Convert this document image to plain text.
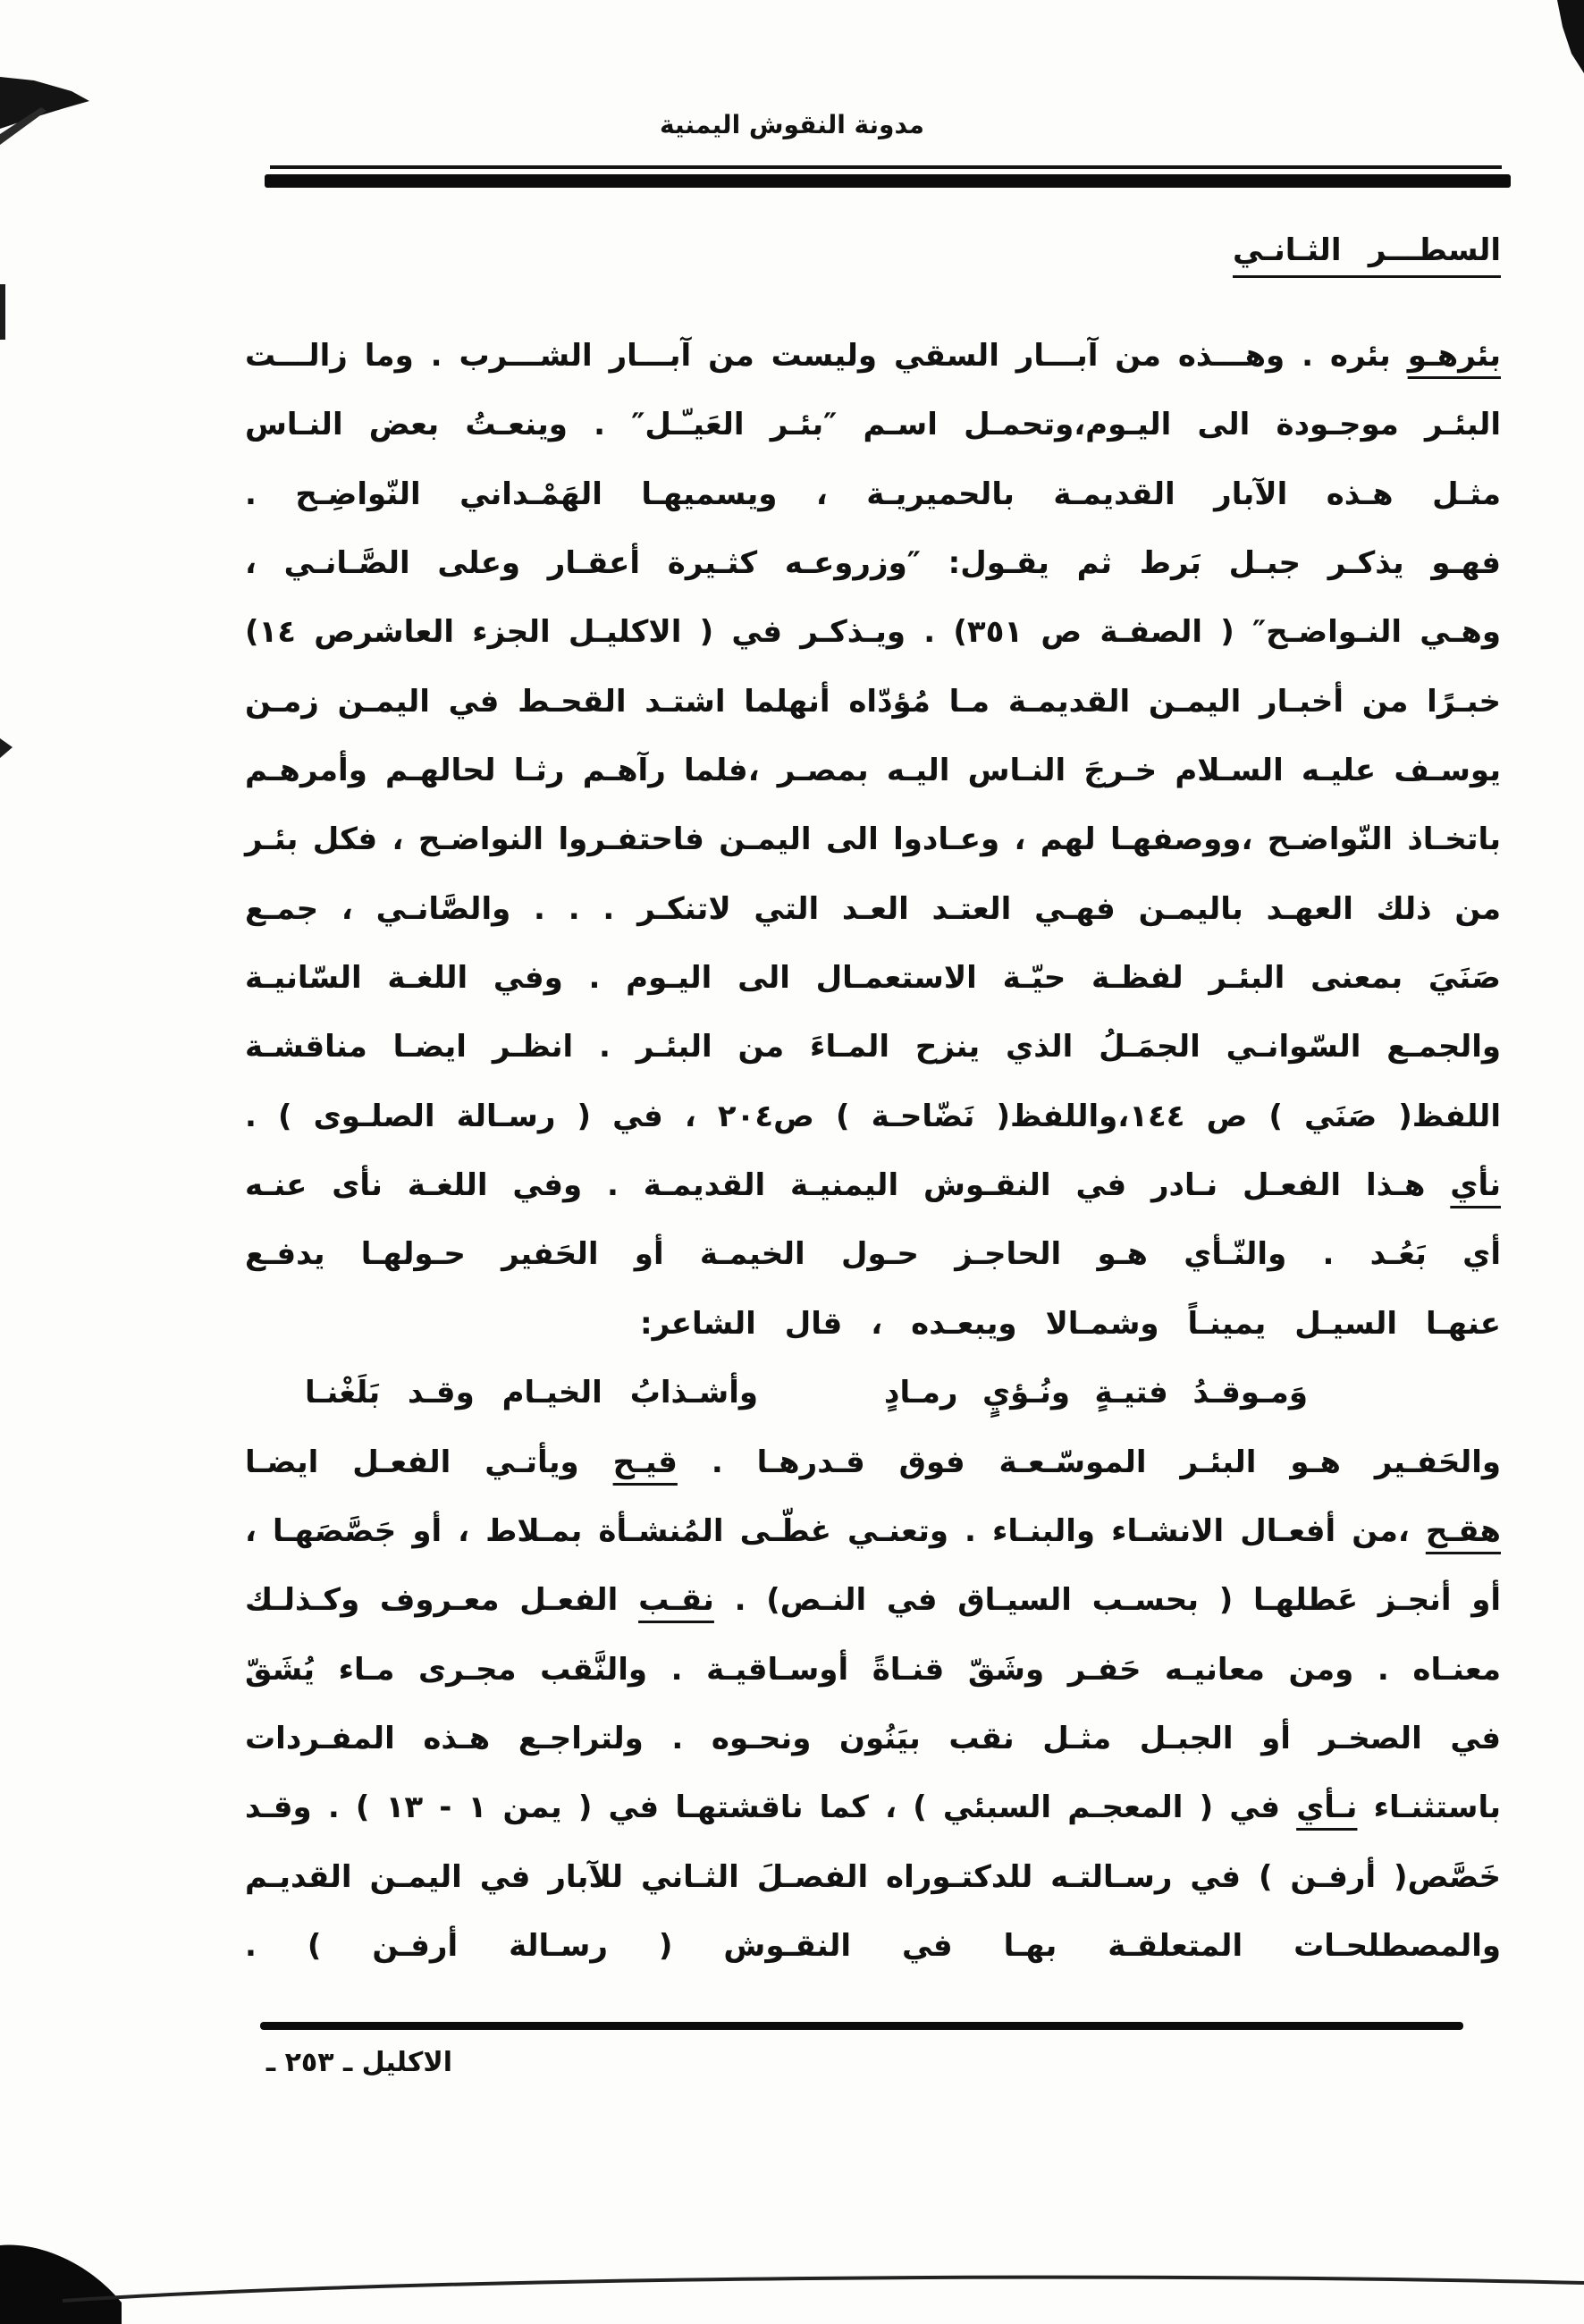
مدونة النقوش اليمنية
السطـــر الثـانـي
بئرهـو بئره . وهـــذه من آبـــار السقي وليست من آبـــار الشـــرب . وما زالـــت
البئـر موجـودة الى اليـوم،وتحمـل اسـم ″بئـر العَيـّـل″ . وينعـتُ بعض النـاس
مثـل هـذه الآبار القديمـة بالحميريـة ، ويسميهـا الهَمْـداني النّواضِـح .
فهـو يذكـر جبـل بَرط ثم يقـول: ″وزروعـه كثـيرة أعقـار وعلى الصَّـانـي ،
وهـي النـواضـح″ ( الصفـة ص ٣٥١) . ويـذكـر في ( الاكليـل الجزء العاشرص ١٤)
خبـرًا من أخبـار اليمـن القديمـة مـا مُؤدّاه أنهلما اشتـد القحـط في اليمـن زمـن
يوسـف عليـه السـلام خـرجَ النـاس اليـه بمصـر ،فلما رآهـم رثـا لحالهـم وأمرهـم
باتخـاذ النّواضـح ،ووصفهـا لهم ، وعـادوا الى اليمـن فاحتفـروا النواضـح ، فكل بئـر
من ذلك العهـد باليمـن فهـي العتـد العـد التي لاتنكـر . . . والصَّانـي ، جمـع
صَنَيَ بمعنى البئـر لفظـة حيّـة الاستعمـال الى اليـوم . وفي اللغـة السّانيـة
والجمـع السّوانـي الجمَـلُ الذي ينزح المـاءَ من البئـر . انظـر ايضـا مناقشـة
اللفظ( صَنَي ) ص ١٤٤،واللفظ( نَضّاحـة ) ص٢٠٤ ، في ( رسـالة الصلـوى ) .
نأي هـذا الفعـل نـادر في النقـوش اليمنيـة القديمـة . وفي اللغـة نأى عنـه
أي بَعُـد . والنّـأي هـو الحاجـز حـول الخيمـة أو الحَفير حـولهـا يدفـع
عنهـا السيـل يمينـاً وشمـالا ويبعـده ، قال الشاعر:
وَمـوقـدُ فتيـةٍ ونُـؤيٍ رمـادٍ
وأشـذابُ الخيـام وقـد بَلَغْنـا
والحَفـير هـو البئـر الموسّـعـة فوق قـدرهـا . قيـح ويأتـي الفعـل ايضـا
هقـح ،من أفعـال الانشـاء والبنـاء . وتعنـي غطّـى المُنشـأة بمـلاط ، أو جَصَّصَهـا ،
أو أنجـز عَطلهـا ( بحسـب السيـاق في النـص) . نقـب الفعـل معـروف وكـذلـك
معنـاه . ومن معانيـه حَفـر وشَقّ قنـاةً أوسـاقيـة . والنَّقب مجـرى مـاء يُشَقّ
في الصخـر أو الجبـل مثـل نقب بيَنُون ونحـوه . ولتراجـع هـذه المفـردات
باستثنـاء نـأي في ( المعجـم السبئي ) ، كما ناقشتهـا في ( يمن ١ - ١٣ ) . وقـد
خَصَّص( أرفـن ) في رسـالتـه للدكتـوراه الفصـلَ الثـاني للآبار في اليمـن القديـم
والمصطلحـات المتعلقـة بهـا في النقـوش ( رسـالة أرفـن ) .
الاكليل ـ ٢٥٣ ـ
